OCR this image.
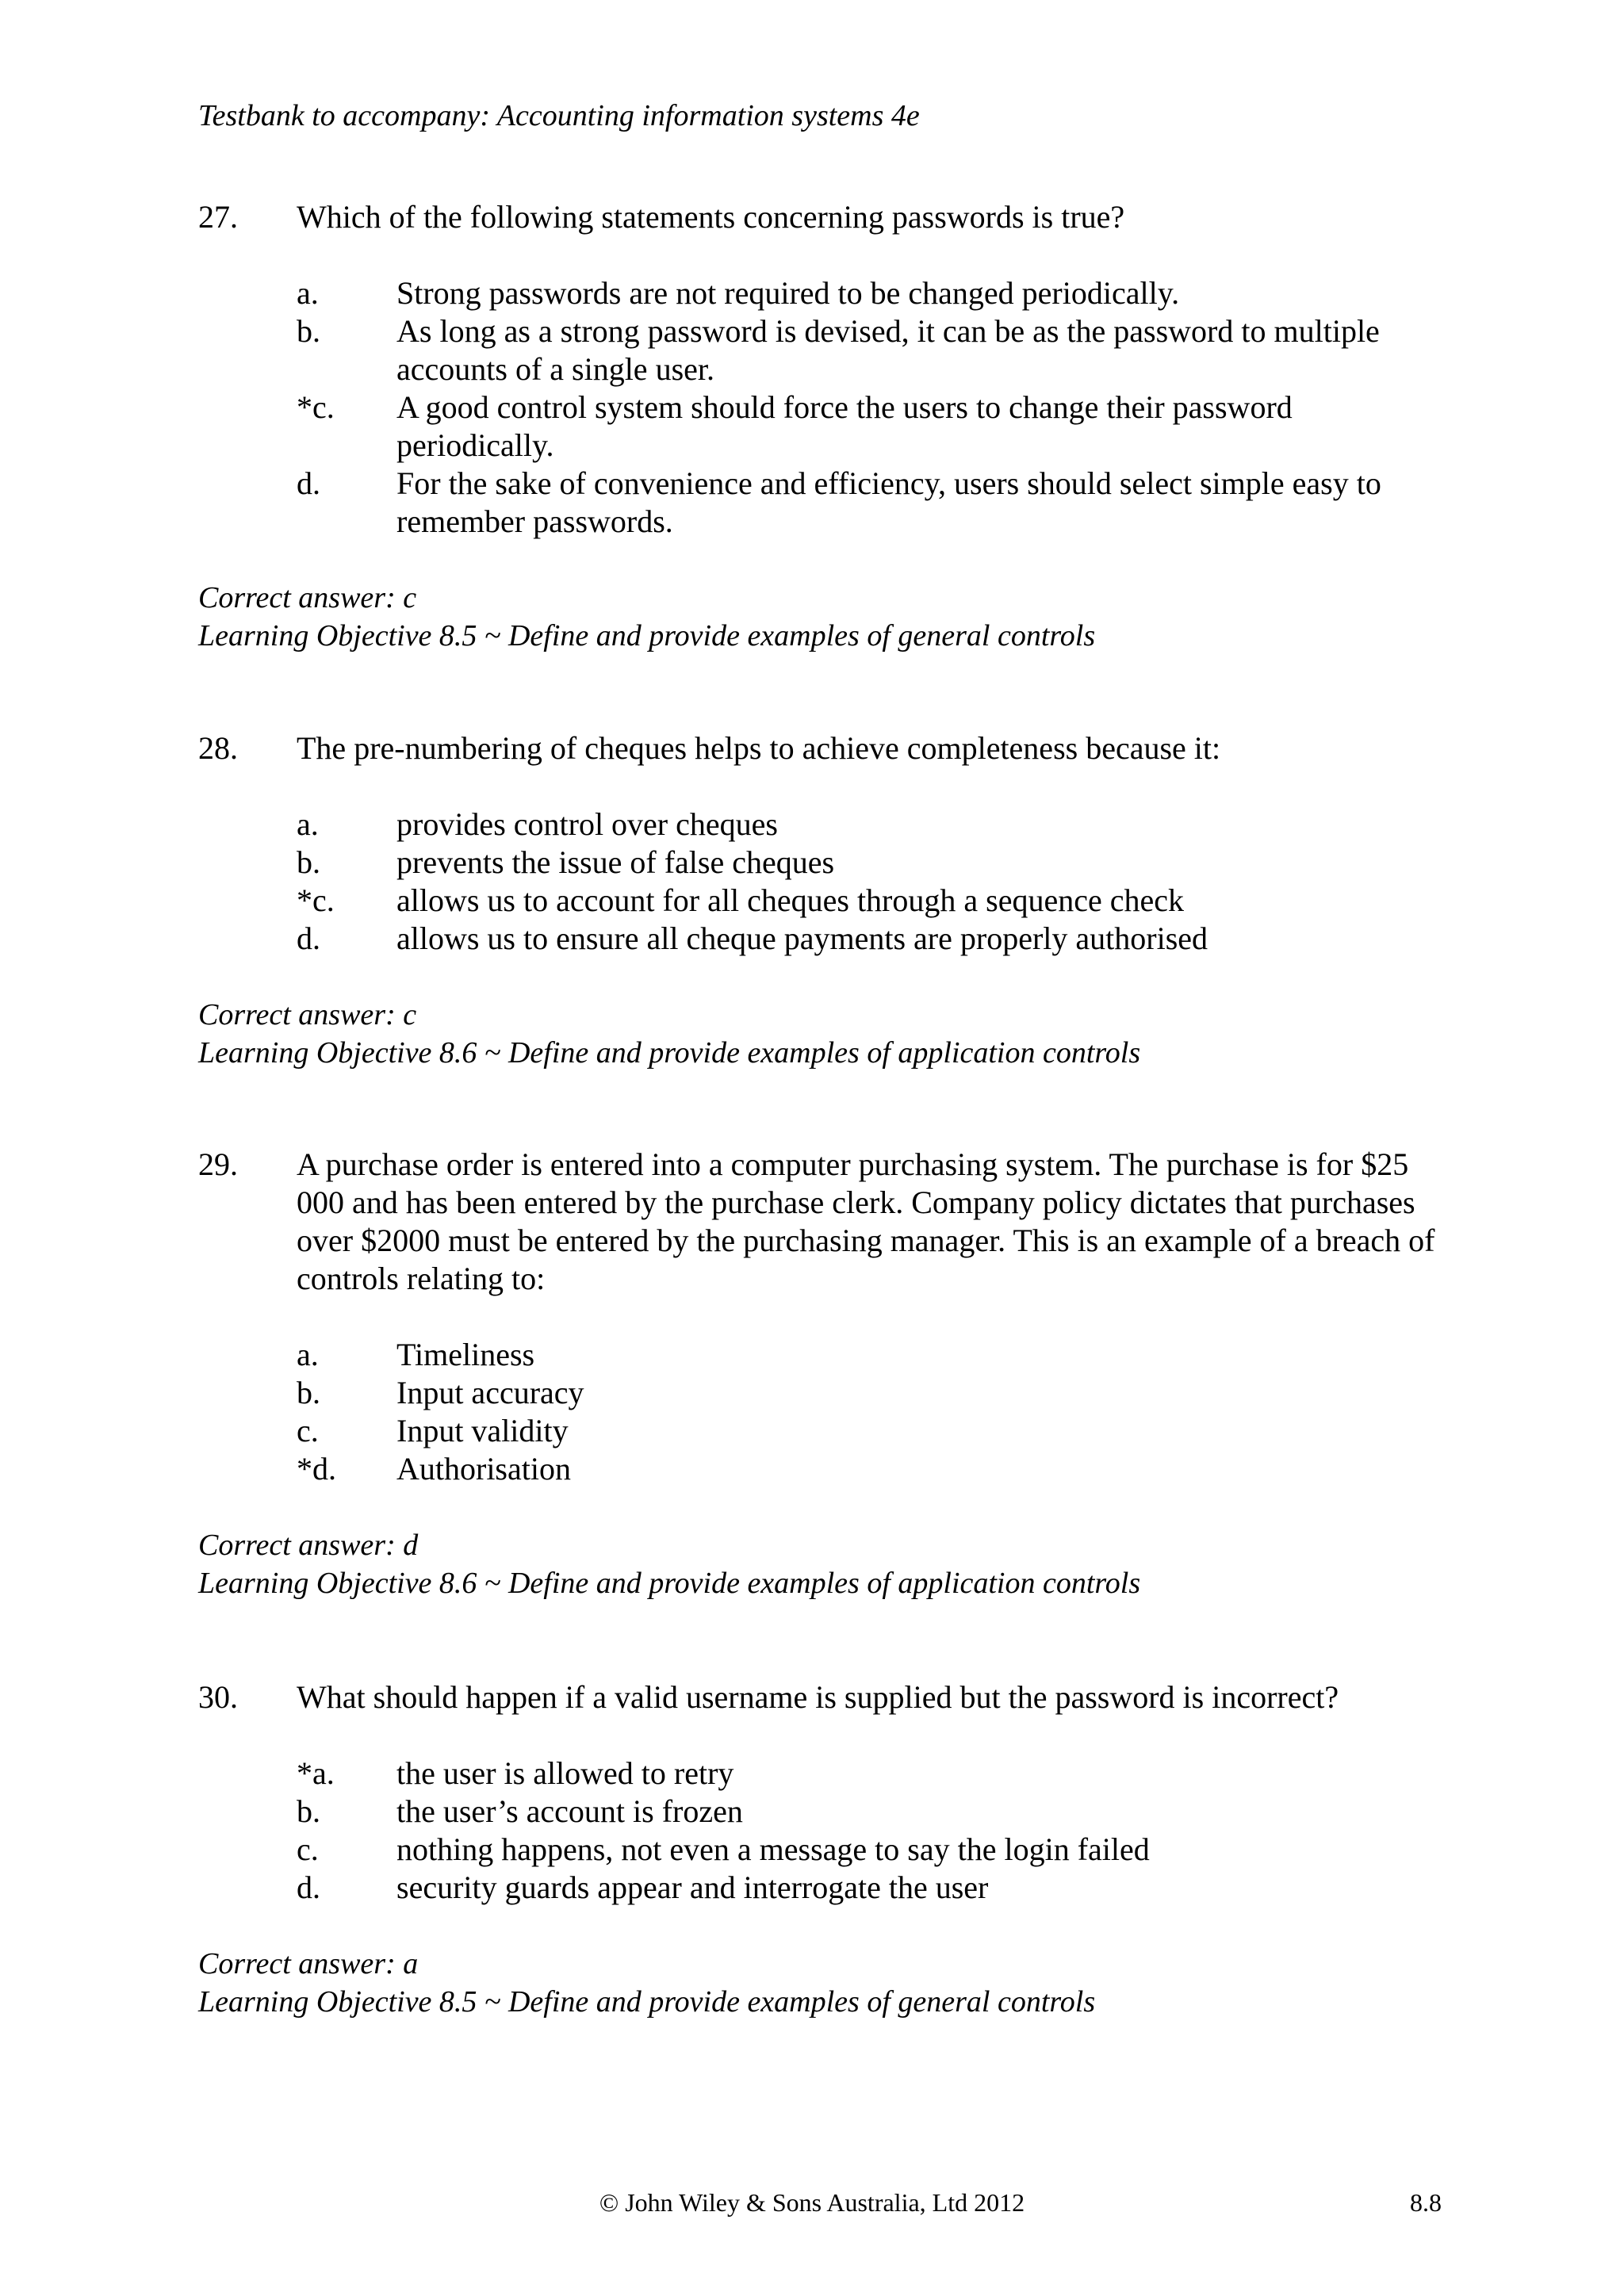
Testbank to accompany: Accounting information systems 4e
27. Which of the following statements concerning passwords is true?
a. Strong passwords are not required to be changed periodically.
b. As long as a strong password is devised, it can be as the password to multiple accounts of a single user.
*c. A good control system should force the users to change their password periodically.
d. For the sake of convenience and efficiency, users should select simple easy to remember passwords.
Correct answer: c
Learning Objective 8.5 ~ Define and provide examples of general controls
28. The pre-numbering of cheques helps to achieve completeness because it:
a. provides control over cheques
b. prevents the issue of false cheques
*c. allows us to account for all cheques through a sequence check
d. allows us to ensure all cheque payments are properly authorised
Correct answer: c
Learning Objective 8.6 ~ Define and provide examples of application controls
29. A purchase order is entered into a computer purchasing system. The purchase is for $25 000 and has been entered by the purchase clerk. Company policy dictates that purchases over $2000 must be entered by the purchasing manager. This is an example of a breach of controls relating to:
a. Timeliness
b. Input accuracy
c. Input validity
*d. Authorisation
Correct answer: d
Learning Objective 8.6 ~ Define and provide examples of application controls
30. What should happen if a valid username is supplied but the password is incorrect?
*a. the user is allowed to retry
b. the user’s account is frozen
c. nothing happens, not even a message to say the login failed
d. security guards appear and interrogate the user
Correct answer: a
Learning Objective 8.5 ~ Define and provide examples of general controls
© John Wiley & Sons Australia, Ltd 2012	8.8
